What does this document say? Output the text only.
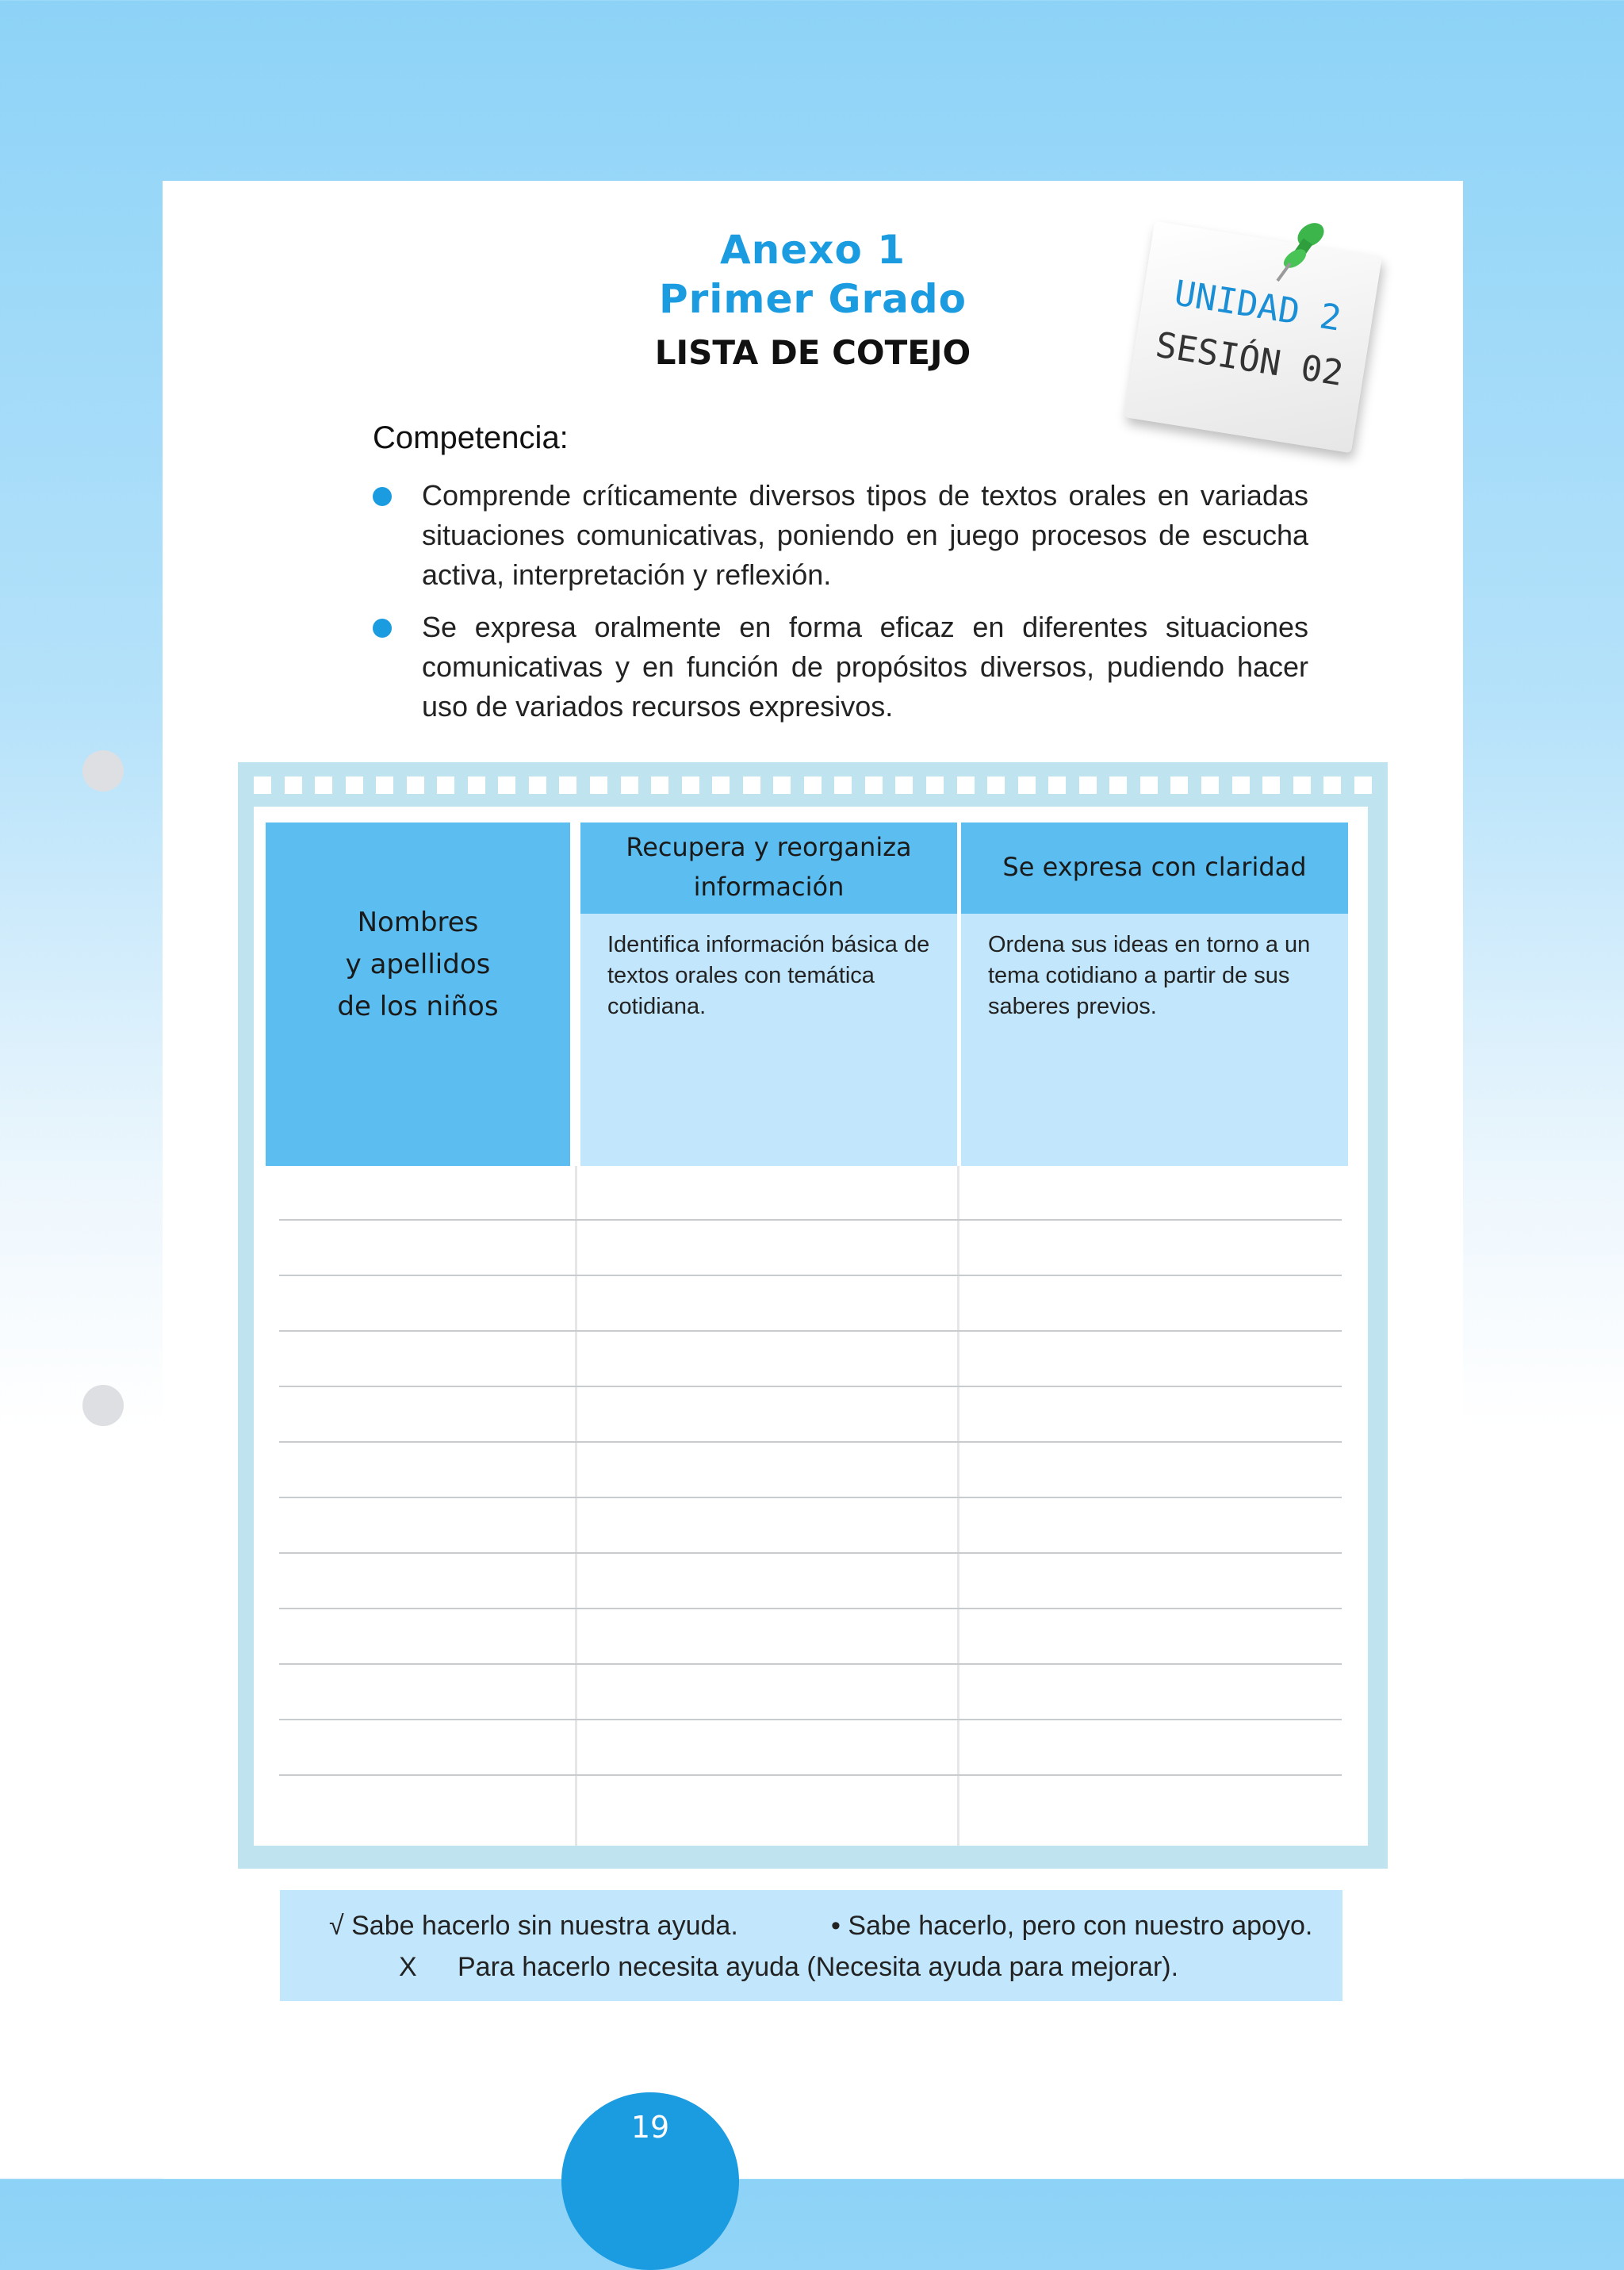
Anexo 1
Primer Grado
LISTA DE COTEJO
UNIDAD 2
SESIÓN 02
Competencia:
Comprende críticamente diversos tipos de textos orales en variadas situaciones comunicativas, poniendo en juego procesos de escucha activa, interpretación y reflexión.
Se expresa oralmente en forma eficaz en diferentes situaciones comunicativas y en función de propósitos diversos, pudiendo hacer uso de variados recursos expresivos.
Nombres
y apellidos
de los niños
Recupera y reorganiza
información
Identifica información básica de textos orales con temática cotidiana.
Se expresa con claridad
Ordena sus ideas en torno a un tema cotidiano a partir de sus saberes previos.
√ Sabe hacerlo sin nuestra ayuda.	• Sabe hacerlo, pero con nuestro apoyo.
X Para hacerlo necesita ayuda (Necesita ayuda para mejorar).
19
